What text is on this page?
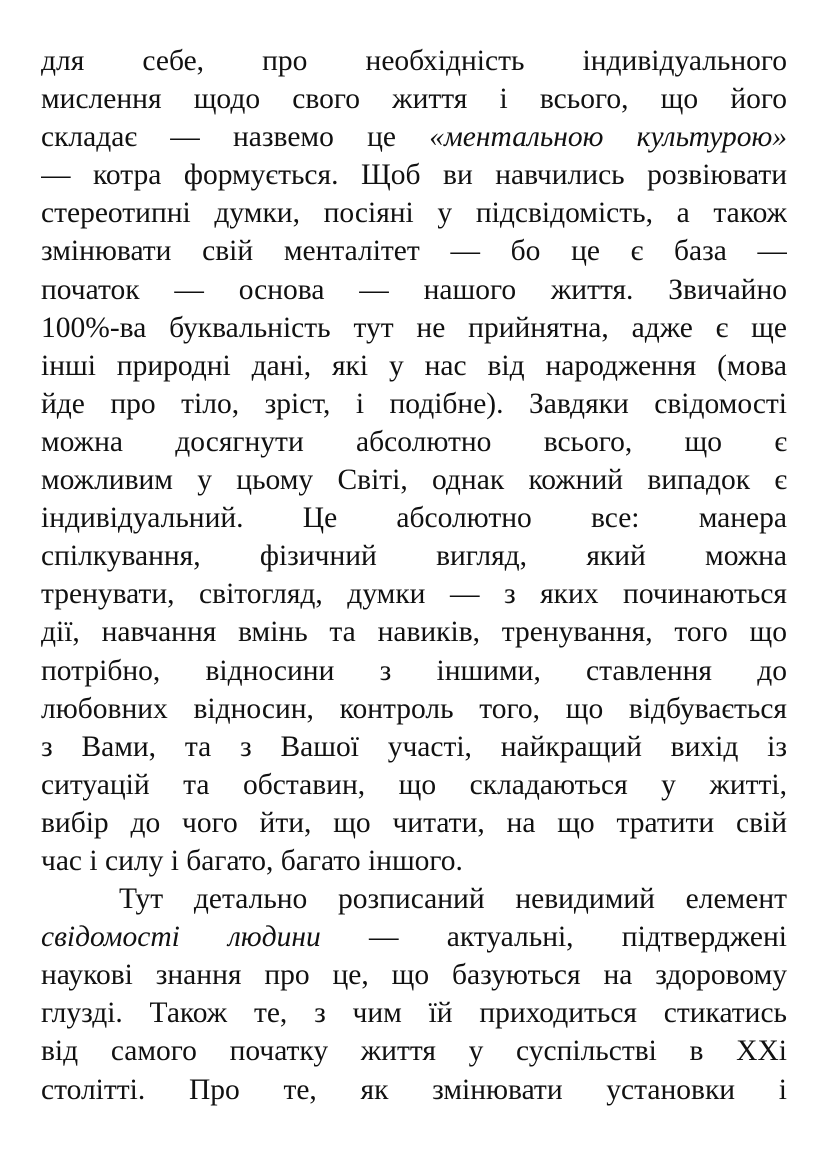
для себе, про необхідність індивідуального
мислення щодо свого життя і всього, що його
складає — назвемо це «ментальною культурою»
— котра формується. Щоб ви навчились розвіювати
стереотипні думки, посіяні у підсвідомість, а також
змінювати свій менталітет — бо це є база —
початок — основа — нашого життя. Звичайно
100%-ва буквальність тут не прийнятна, адже є ще
інші природні дані, які у нас від народження (мова
йде про тіло, зріст, і подібне). Завдяки свідомості
можна досягнути абсолютно всього, що є
можливим у цьому Світі, однак кожний випадок є
індивідуальний. Це абсолютно все: манера
спілкування, фізичний вигляд, який можна
тренувати, світогляд, думки — з яких починаються
дії, навчання вмінь та навиків, тренування, того що
потрібно, відносини з іншими, ставлення до
любовних відносин, контроль того, що відбувається
з Вами, та з Вашої участі, найкращий вихід із
ситуацій та обставин, що складаються у житті,
вибір до чого йти, що читати, на що тратити свій
час і силу і багато, багато іншого.
Тут детально розписаний невидимий елемент
свідомості людини — актуальні, підтверджені
наукові знання про це, що базуються на здоровому
глузді. Також те, з чим їй приходиться стикатись
від самого початку життя у суспільстві в ХХі
столітті. Про те, як змінювати установки і
